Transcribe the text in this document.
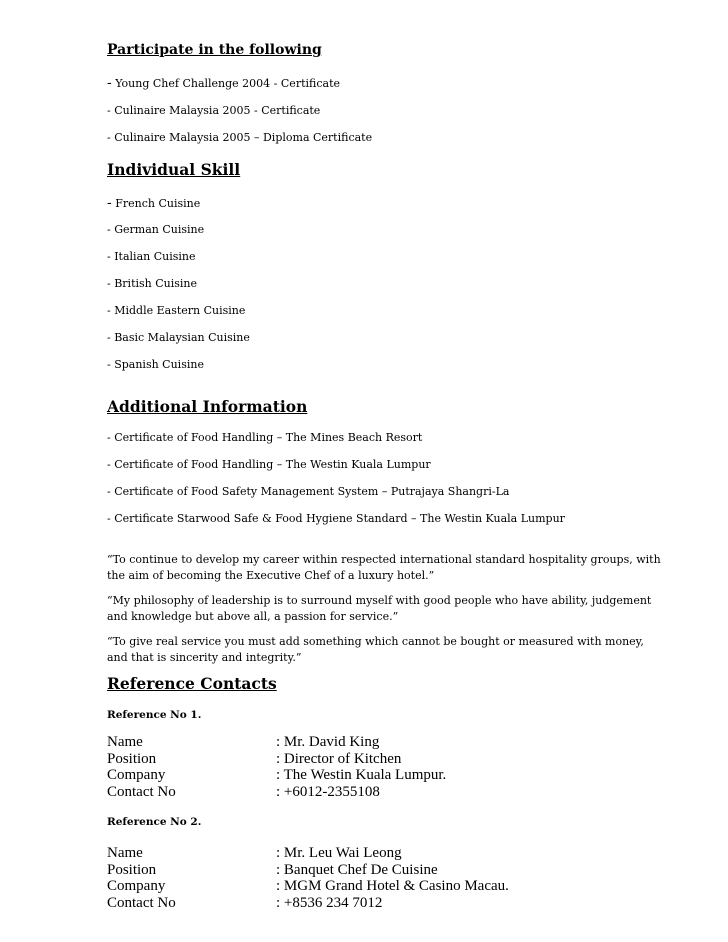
Participate in the following
- Young Chef Challenge 2004 - Certificate
- Culinaire Malaysia 2005 - Certificate
- Culinaire Malaysia 2005 – Diploma Certificate
Individual Skill
- French Cuisine
- German Cuisine
- Italian Cuisine
- British Cuisine
- Middle Eastern Cuisine
- Basic Malaysian Cuisine
- Spanish Cuisine
Additional Information
- Certificate of Food Handling – The Mines Beach Resort
- Certificate of Food Handling – The Westin Kuala Lumpur
- Certificate of Food Safety Management System – Putrajaya Shangri-La
- Certificate Starwood Safe & Food Hygiene Standard – The Westin Kuala Lumpur
“To continue to develop my career within respected international standard hospitality groups, with the aim of becoming the Executive Chef of a luxury hotel.”
“My philosophy of leadership is to surround myself with good people who have ability, judgement and knowledge but above all, a passion for service.”
“To give real service you must add something which cannot be bought or measured with money, and that is sincerity and integrity.”
Reference Contacts
Reference No 1.
Name	: Mr. David King
Position	: Director of Kitchen
Company	: The Westin Kuala Lumpur.
Contact No	: +6012-2355108
Reference No 2.
Name	: Mr. Leu Wai Leong
Position	: Banquet Chef De Cuisine
Company	: MGM Grand Hotel & Casino Macau.
Contact No	: +8536 234 7012
